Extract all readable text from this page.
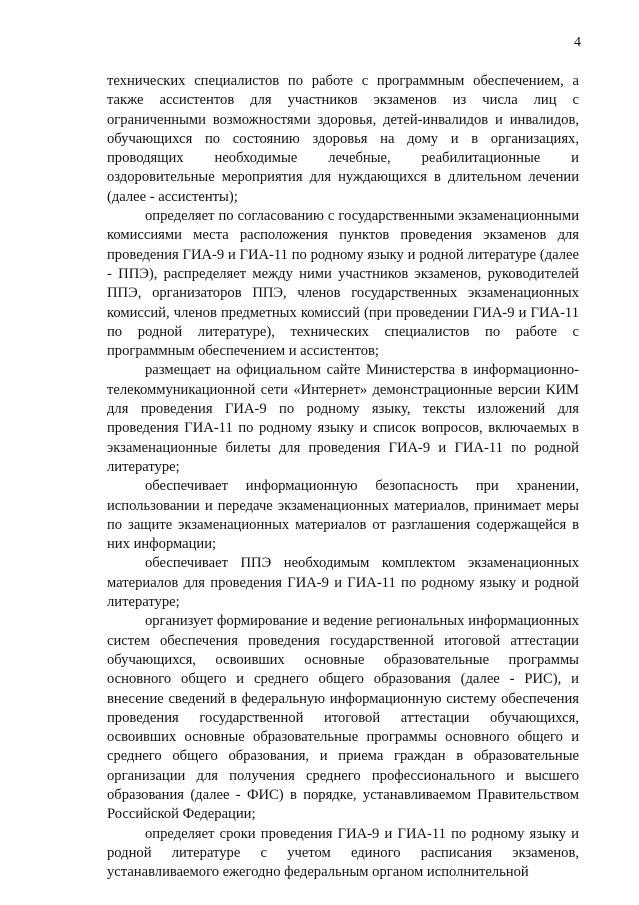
4

технических специалистов по работе с программным обеспечением, а также ассистентов для участников экзаменов из числа лиц с ограниченными возможностями здоровья, детей-инвалидов и инвалидов, обучающихся по состоянию здоровья на дому и в организациях, проводящих необходимые лечебные, реабилитационные и оздоровительные мероприятия для нуждающихся в длительном лечении (далее - ассистенты);

определяет по согласованию с государственными экзаменационными комиссиями места расположения пунктов проведения экзаменов для проведения ГИА-9 и ГИА-11 по родному языку и родной литературе (далее - ППЭ), распределяет между ними участников экзаменов, руководителей ППЭ, организаторов ППЭ, членов государственных экзаменационных комиссий, членов предметных комиссий (при проведении ГИА-9 и ГИА-11 по родной литературе), технических специалистов по работе с программным обеспечением и ассистентов;

размещает на официальном сайте Министерства в информационно-телекоммуникационной сети «Интернет» демонстрационные версии КИМ для проведения ГИА-9 по родному языку, тексты изложений для проведения ГИА-11 по родному языку и список вопросов, включаемых в экзаменационные билеты для проведения ГИА-9 и ГИА-11 по родной литературе;

обеспечивает информационную безопасность при хранении, использовании и передаче экзаменационных материалов, принимает меры по защите экзаменационных материалов от разглашения содержащейся в них информации;

обеспечивает ППЭ необходимым комплектом экзаменационных материалов для проведения ГИА-9 и ГИА-11 по родному языку и родной литературе;

организует формирование и ведение региональных информационных систем обеспечения проведения государственной итоговой аттестации обучающихся, освоивших основные образовательные программы основного общего и среднего общего образования (далее - РИС), и внесение сведений в федеральную информационную систему обеспечения проведения государственной итоговой аттестации обучающихся, освоивших основные образовательные программы основного общего и среднего общего образования, и приема граждан в образовательные организации для получения среднего профессионального и высшего образования (далее - ФИС) в порядке, устанавливаемом Правительством Российской Федерации;

определяет сроки проведения ГИА-9 и ГИА-11 по родному языку и родной литературе с учетом единого расписания экзаменов, устанавливаемого ежегодно федеральным органом исполнительной
